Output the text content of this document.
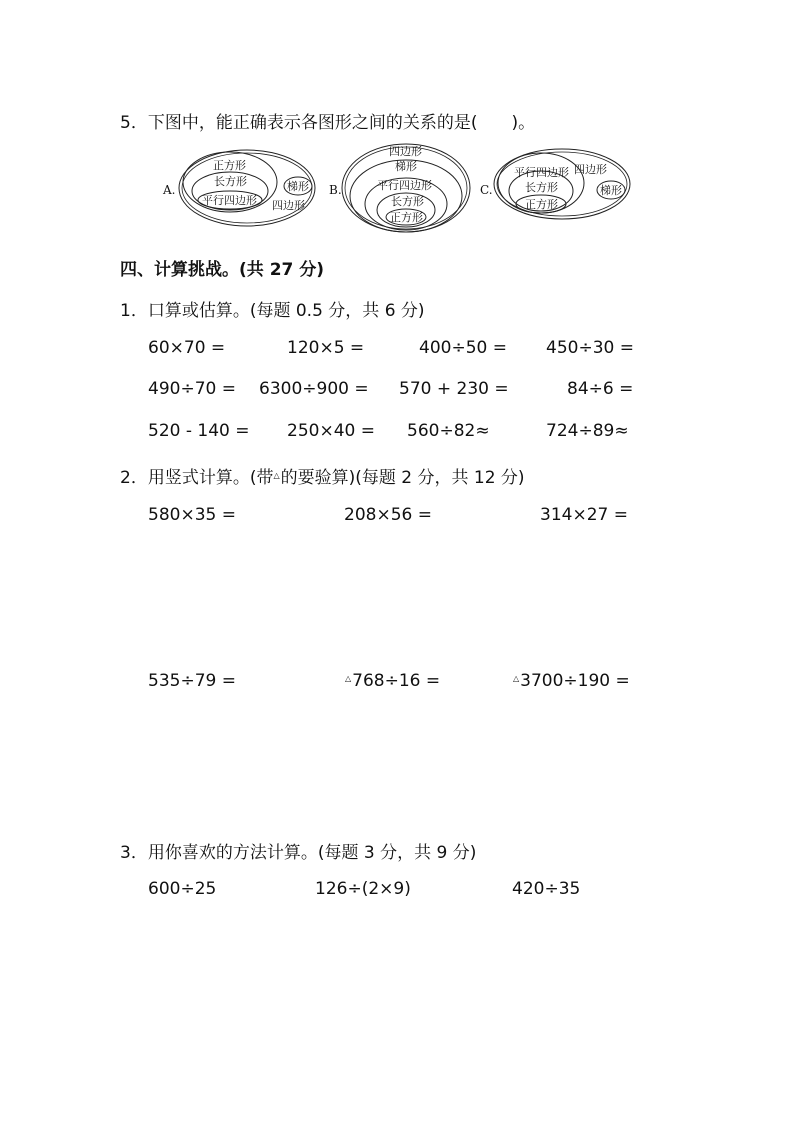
5．下图中，能正确表示各图形之间的关系的是(　　)。
A.
正方形
长方形
平行四边形 四边形
梯形 B.
四边形
梯形
平行四边形
长方形
正方形
C.
平行四边形
长方形
正方形
四边形
梯形
四、计算挑战。(共 27 分)
1．口算或估算。(每题 0.5 分，共 6 分)
60×70 =	120×5 =	400÷50 = 450÷30 =
490÷70 = 6300÷900 = 570 + 230 =	84÷6 =
520 - 140 = 250×40 = 560÷82≈	724÷89≈
2．用竖式计算。(带△的要验算)(每题 2 分，共 12 分)
580×35 =	208×56 =	314×27 =
535÷79 =	△768÷16 =	△3700÷190 =
3．用你喜欢的方法计算。(每题 3 分，共 9 分)
600÷25	126÷(2×9)	420÷35
